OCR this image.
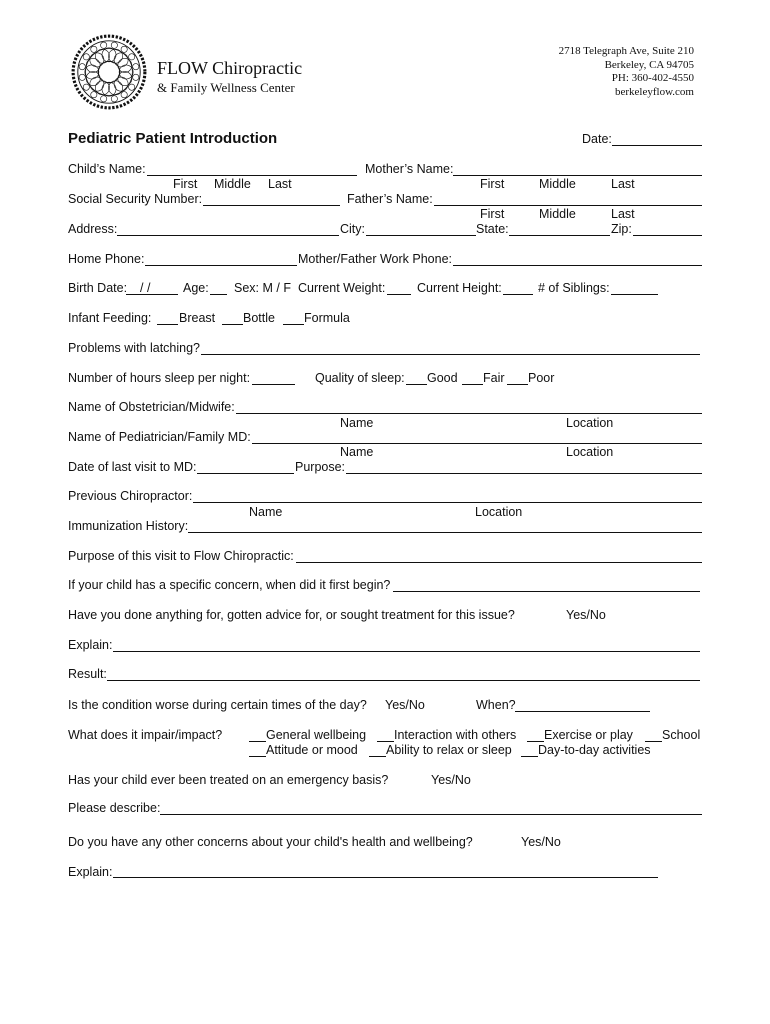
FLOW Chiropractic
& Family Wellness Center
2718 Telegraph Ave, Suite 210
Berkeley, CA 94705
PH: 360-402-4550
berkeleyflow.com
Pediatric Patient Introduction	Date:
Child’s Name:	Mother’s Name:
First Middle Last	First	Middle	Last
Social Security Number:	Father’s Name:
First	Middle	Last
Address:	City:	State:	Zip:
Home Phone:	Mother/Father Work Phone:
Birth Date: / /	Age: Sex: M / F Current Weight:	Current Height:	# of Siblings:
Infant Feeding: Breast Bottle Formula
Problems with latching?
Number of hours sleep per night:	Quality of sleep: Good Fair Poor
Name of Obstetrician/Midwife:
Name	Location
Name of Pediatrician/Family MD:
Name	Location
Date of last visit to MD:	Purpose:
Previous Chiropractor:
Name	Location
Immunization History:
Purpose of this visit to Flow Chiropractic:
If your child has a specific concern, when did it first begin?
Have you done anything for, gotten advice for, or sought treatment for this issue?	Yes/No
Explain:
Result:
Is the condition worse during certain times of the day? Yes/No	When?
What does it impair/impact?	General wellbeing Interaction with others Exercise or play School
Attitude or mood Ability to relax or sleep Day-to-day activities
Has your child ever been treated on an emergency basis?	Yes/No
Please describe:
Do you have any other concerns about your child's health and wellbeing?	Yes/No
Explain:
